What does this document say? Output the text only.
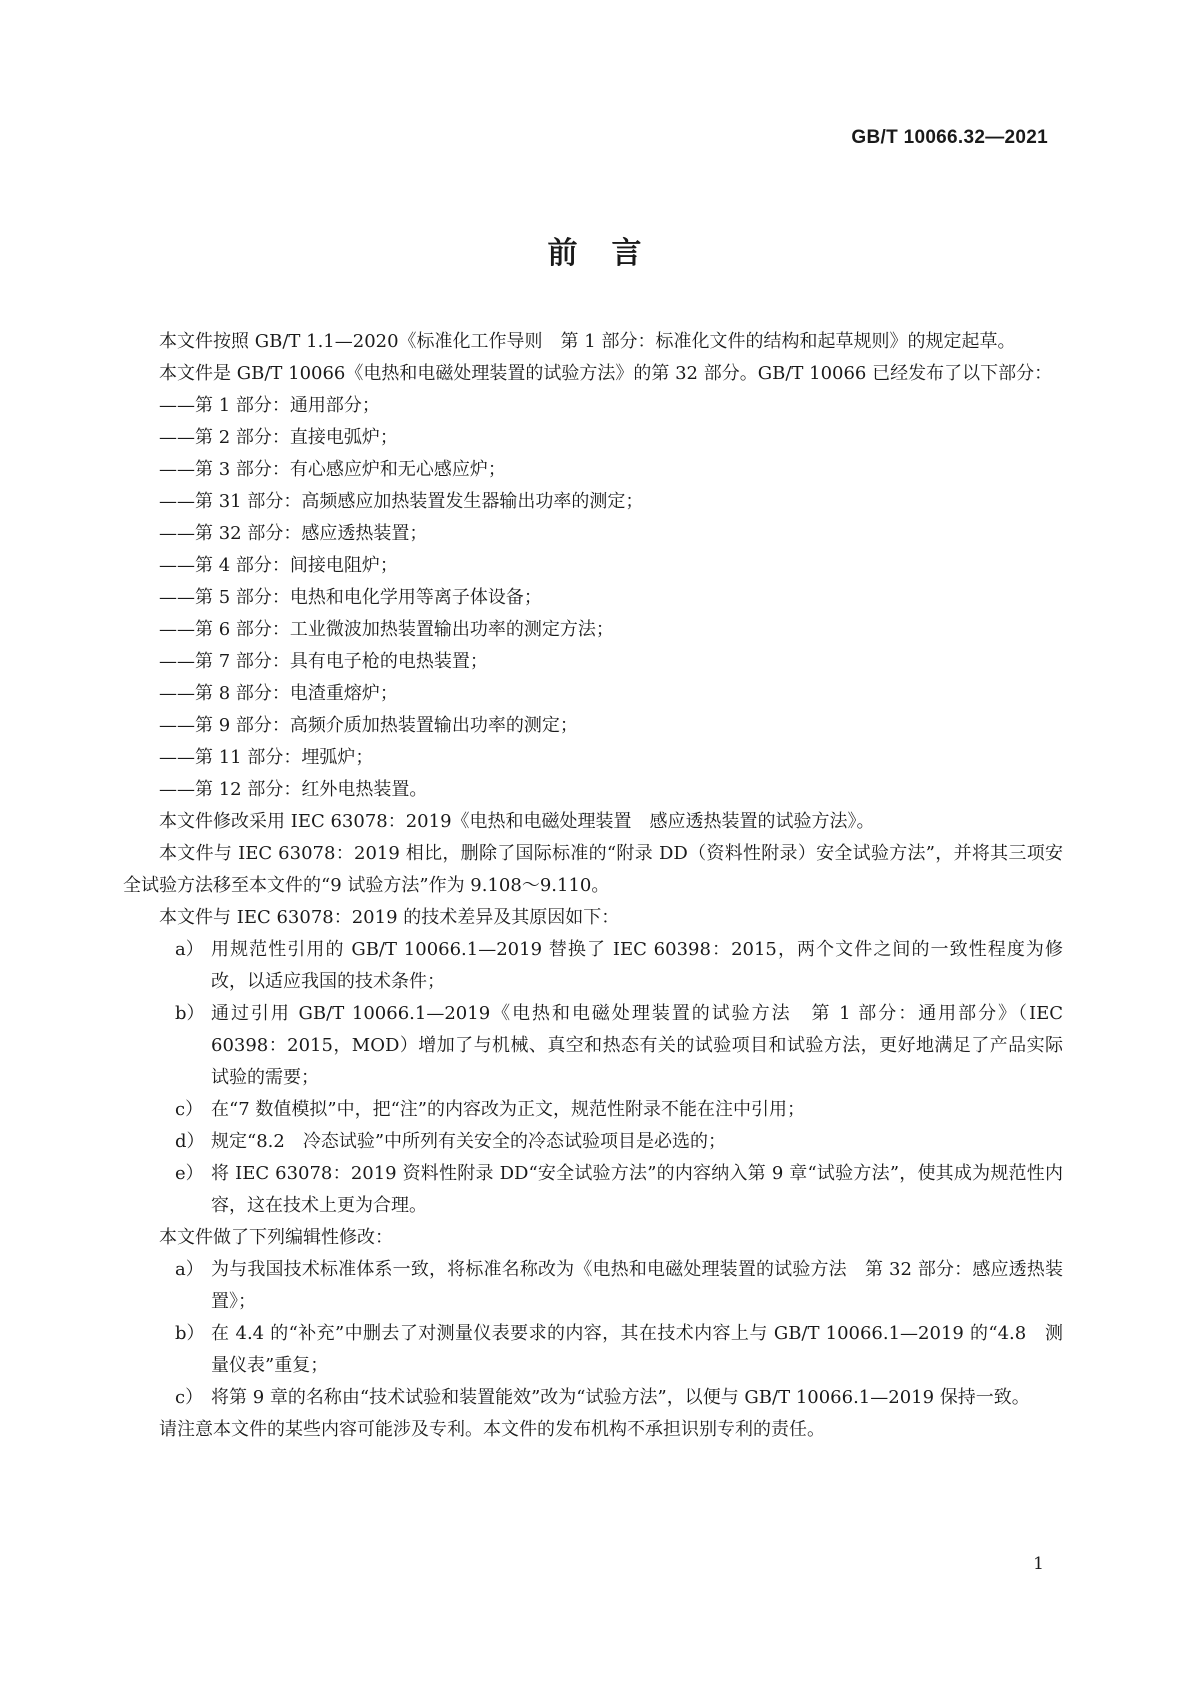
GB/T 10066.32—2021
前　言

本文件按照 GB/T 1.1—2020《标准化工作导则　第 1 部分：标准化文件的结构和起草规则》的规定起草。

本文件是 GB/T 10066《电热和电磁处理装置的试验方法》的第 32 部分。GB/T 10066 已经发布了以下部分：

——第 1 部分：通用部分；

——第 2 部分：直接电弧炉；

——第 3 部分：有心感应炉和无心感应炉；

——第 31 部分：高频感应加热装置发生器输出功率的测定；

——第 32 部分：感应透热装置；

——第 4 部分：间接电阻炉；

——第 5 部分：电热和电化学用等离子体设备；

——第 6 部分：工业微波加热装置输出功率的测定方法；

——第 7 部分：具有电子枪的电热装置；

——第 8 部分：电渣重熔炉；

——第 9 部分：高频介质加热装置输出功率的测定；

——第 11 部分：埋弧炉；

——第 12 部分：红外电热装置。

本文件修改采用 IEC 63078：2019《电热和电磁处理装置　感应透热装置的试验方法》。

本文件与 IEC 63078：2019 相比，删除了国际标准的“附录 DD（资料性附录）安全试验方法”，并将其三项安全试验方法移至本文件的“9 试验方法”作为 9.108～9.110。

本文件与 IEC 63078：2019 的技术差异及其原因如下：

a） 用规范性引用的 GB/T 10066.1—2019 替换了 IEC 60398：2015，两个文件之间的一致性程度为修改，以适应我国的技术条件；

b） 通过引用 GB/T 10066.1—2019《电热和电磁处理装置的试验方法　第 1 部分：通用部分》（IEC 60398：2015，MOD）增加了与机械、真空和热态有关的试验项目和试验方法，更好地满足了产品实际试验的需要；

c） 在“7 数值模拟”中，把“注”的内容改为正文，规范性附录不能在注中引用；

d） 规定“8.2　冷态试验”中所列有关安全的冷态试验项目是必选的；

e） 将 IEC 63078：2019 资料性附录 DD“安全试验方法”的内容纳入第 9 章“试验方法”，使其成为规范性内容，这在技术上更为合理。

本文件做了下列编辑性修改：

a） 为与我国技术标准体系一致，将标准名称改为《电热和电磁处理装置的试验方法　第 32 部分：感应透热装置》；

b） 在 4.4 的“补充”中删去了对测量仪表要求的内容，其在技术内容上与 GB/T 10066.1—2019 的“4.8　测量仪表”重复；

c） 将第 9 章的名称由“技术试验和装置能效”改为“试验方法”，以便与 GB/T 10066.1—2019 保持一致。

请注意本文件的某些内容可能涉及专利。本文件的发布机构不承担识别专利的责任。

1
